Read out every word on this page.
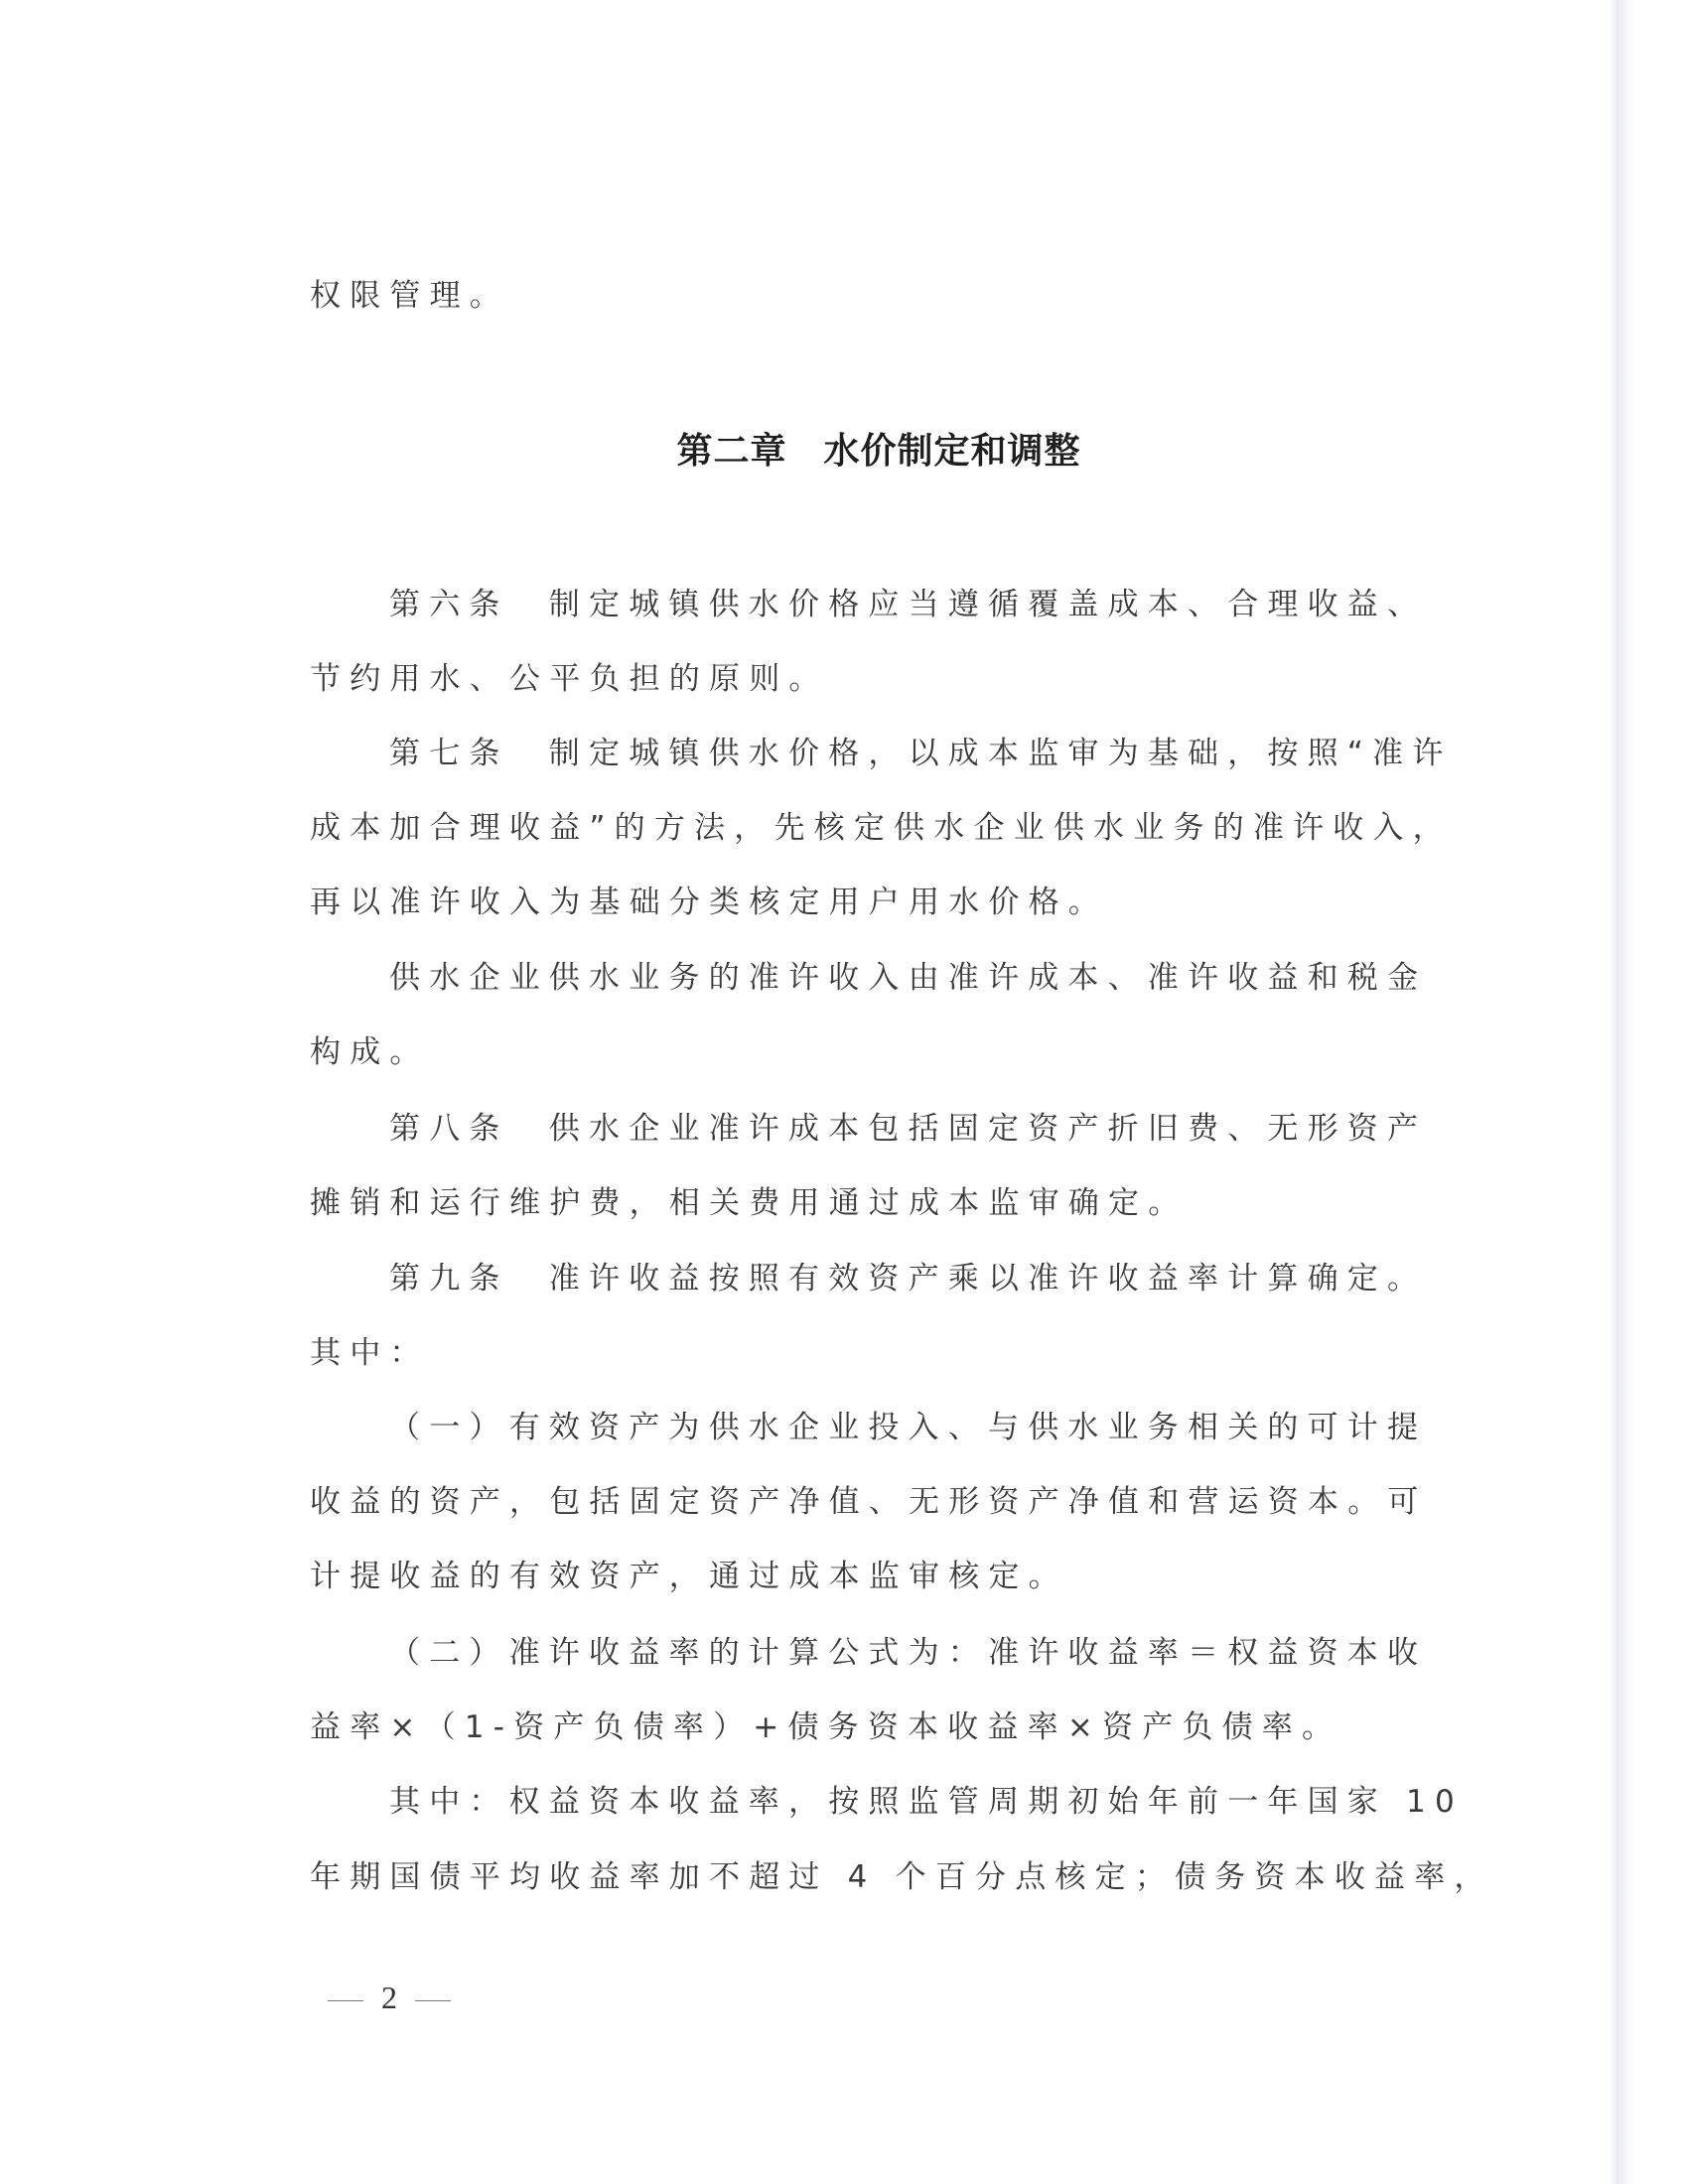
权限管理。
第六条　制定城镇供水价格应当遵循覆盖成本、合理收益、
节约用水、公平负担的原则。
第七条　制定城镇供水价格，以成本监审为基础，按照“准许
成本加合理收益”的方法，先核定供水企业供水业务的准许收入，
再以准许收入为基础分类核定用户用水价格。
供水企业供水业务的准许收入由准许成本、准许收益和税金
构成。
第八条　供水企业准许成本包括固定资产折旧费、无形资产
摊销和运行维护费，相关费用通过成本监审确定。
第九条　准许收益按照有效资产乘以准许收益率计算确定。
其中：
（一）有效资产为供水企业投入、与供水业务相关的可计提
收益的资产，包括固定资产净值、无形资产净值和营运资本。可
计提收益的有效资产，通过成本监审核定。
（二）准许收益率的计算公式为：准许收益率＝权益资本收
益率×（1-资产负债率）+债务资本收益率×资产负债率。
其中：权益资本收益率，按照监管周期初始年前一年国家 10
年期国债平均收益率加不超过 4 个百分点核定；债务资本收益率，
第二章　水价制定和调整
2
